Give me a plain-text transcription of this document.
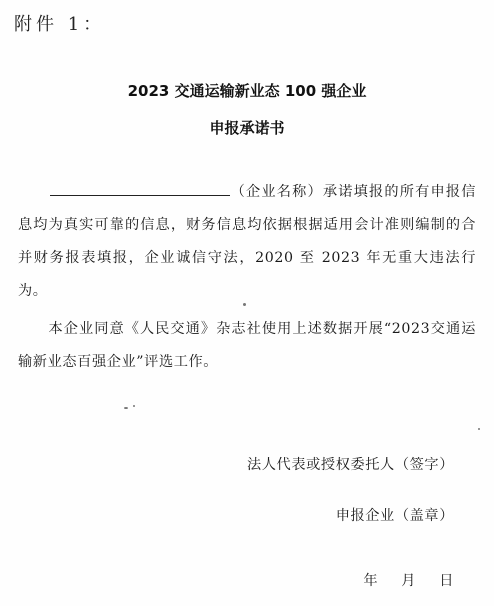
附件 1：
2023 交通运输新业态 100 强企业
申报承诺书
（企业名称）承诺填报的所有申报信息均为真实可靠的信息，财务信息均依据根据适用会计准则编制的合并财务报表填报，企业诚信守法，2020 至 2023 年无重大违法行为。
本企业同意《人民交通》杂志社使用上述数据开展“2023交通运输新业态百强企业”评选工作。
法人代表或授权委托人（签字）
申报企业（盖章）
年 月 日
